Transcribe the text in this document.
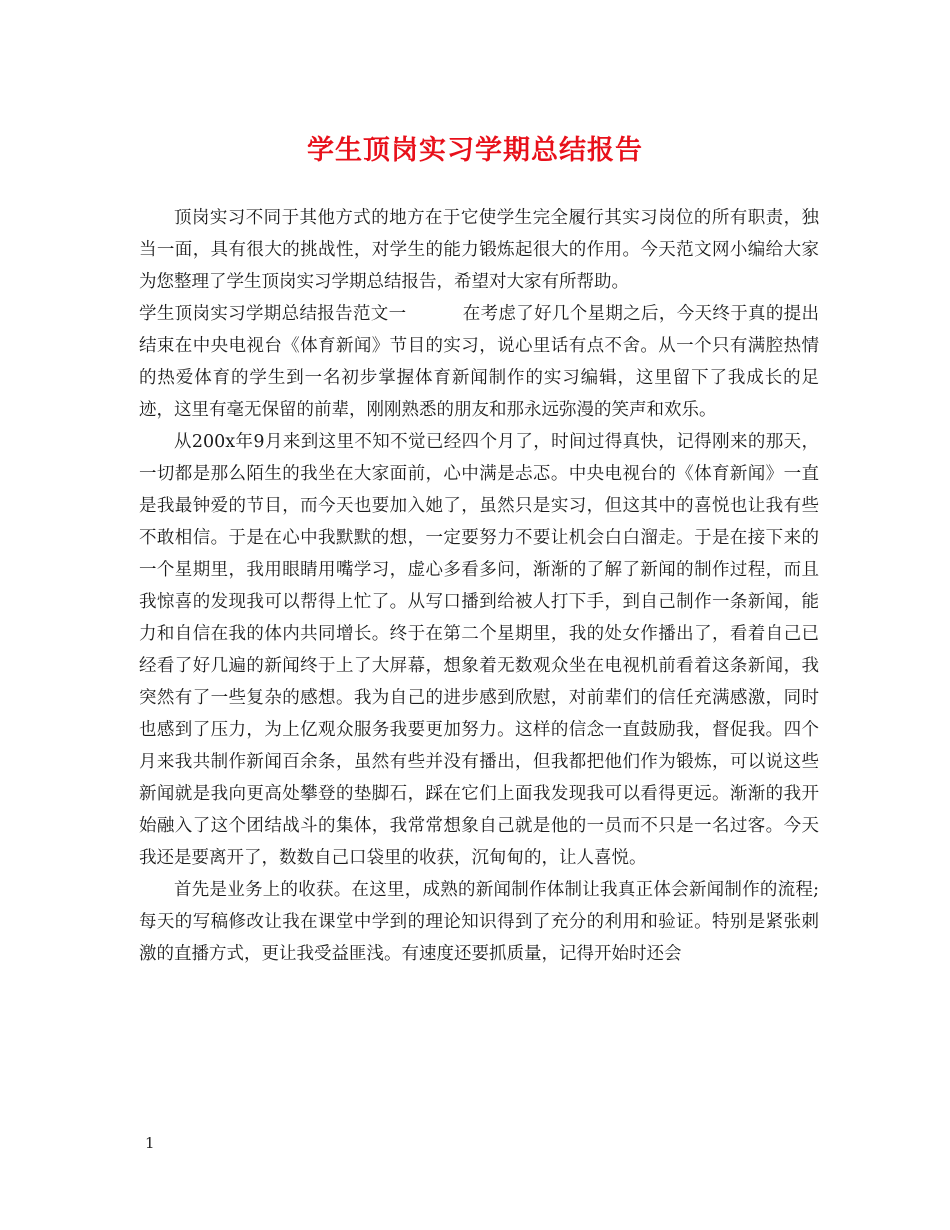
学生顶岗实习学期总结报告

顶岗实习不同于其他方式的地方在于它使学生完全履行其实习岗位的所有职责，独当一面，具有很大的挑战性，对学生的能力锻炼起很大的作用。今天范文网小编给大家为您整理了学生顶岗实习学期总结报告，希望对大家有所帮助。

学生顶岗实习学期总结报告范文一	在考虑了好几个星期之后，今天终于真的提出结束在中央电视台《体育新闻》节目的实习，说心里话有点不舍。从一个只有满腔热情的热爱体育的学生到一名初步掌握体育新闻制作的实习编辑，这里留下了我成长的足迹，这里有毫无保留的前辈，刚刚熟悉的朋友和那永远弥漫的笑声和欢乐。

从200x年9月来到这里不知不觉已经四个月了，时间过得真快，记得刚来的那天，一切都是那么陌生的我坐在大家面前，心中满是忐忑。中央电视台的《体育新闻》一直是我最钟爱的节目，而今天也要加入她了，虽然只是实习，但这其中的喜悦也让我有些不敢相信。于是在心中我默默的想，一定要努力不要让机会白白溜走。于是在接下来的一个星期里，我用眼睛用嘴学习，虚心多看多问，渐渐的了解了新闻的制作过程，而且我惊喜的发现我可以帮得上忙了。从写口播到给被人打下手，到自己制作一条新闻，能力和自信在我的体内共同增长。终于在第二个星期里，我的处女作播出了，看着自己已经看了好几遍的新闻终于上了大屏幕，想象着无数观众坐在电视机前看着这条新闻，我突然有了一些复杂的感想。我为自己的进步感到欣慰，对前辈们的信任充满感激，同时也感到了压力，为上亿观众服务我要更加努力。这样的信念一直鼓励我，督促我。四个月来我共制作新闻百余条，虽然有些并没有播出，但我都把他们作为锻炼，可以说这些新闻就是我向更高处攀登的垫脚石，踩在它们上面我发现我可以看得更远。渐渐的我开始融入了这个团结战斗的集体，我常常想象自己就是他的一员而不只是一名过客。今天我还是要离开了，数数自己口袋里的收获，沉甸甸的，让人喜悦。

首先是业务上的收获。在这里，成熟的新闻制作体制让我真正体会新闻制作的流程;每天的写稿修改让我在课堂中学到的理论知识得到了充分的利用和验证。特别是紧张刺激的直播方式，更让我受益匪浅。有速度还要抓质量，记得开始时还会

1
